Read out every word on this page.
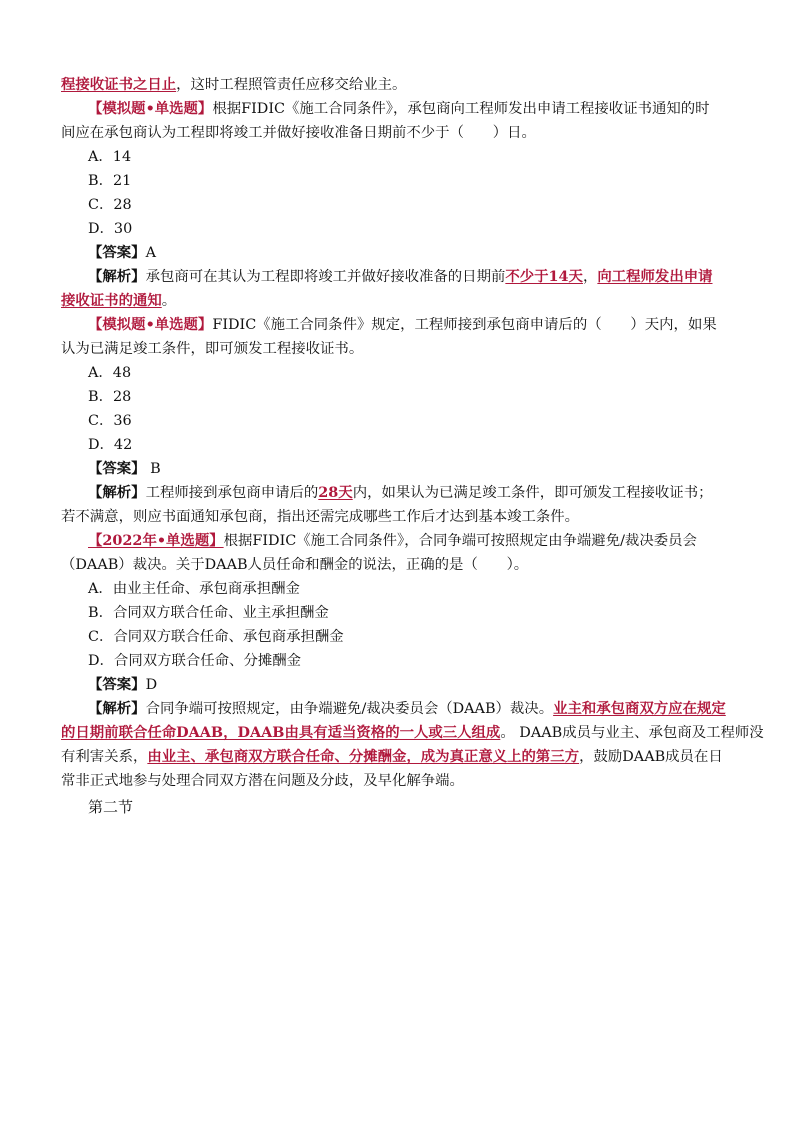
程接收证书之日止，这时工程照管责任应移交给业主。
【模拟题•单选题】根据FIDIC《施工合同条件》，承包商向工程师发出申请工程接收证书通知的时
间应在承包商认为工程即将竣工并做好接收准备日期前不少于（　　）日。
A．14
B．21
C．28
D．30
【答案】A
【解析】承包商可在其认为工程即将竣工并做好接收准备的日期前不少于14天，向工程师发出申请
接收证书的通知。
【模拟题•单选题】FIDIC《施工合同条件》规定，工程师接到承包商申请后的（　　）天内，如果
认为已满足竣工条件，即可颁发工程接收证书。
A．48
B．28
C．36
D．42
【答案】 B
【解析】工程师接到承包商申请后的28天内，如果认为已满足竣工条件，即可颁发工程接收证书；
若不满意，则应书面通知承包商，指出还需完成哪些工作后才达到基本竣工条件。
【2022年•单选题】根据FIDIC《施工合同条件》，合同争端可按照规定由争端避免/裁决委员会
（DAAB）裁决。关于DAAB人员任命和酬金的说法，正确的是（　　）。
A．由业主任命、承包商承担酬金
B．合同双方联合任命、业主承担酬金
C．合同双方联合任命、承包商承担酬金
D．合同双方联合任命、分摊酬金
【答案】D
【解析】合同争端可按照规定，由争端避免/裁决委员会（DAAB）裁决。业主和承包商双方应在规定
的日期前联合任命DAAB，DAAB由具有适当资格的一人或三人组成。 DAAB成员与业主、承包商及工程师没
有利害关系，由业主、承包商双方联合任命、分摊酬金，成为真正意义上的第三方，鼓励DAAB成员在日
常非正式地参与处理合同双方潜在问题及分歧，及早化解争端。
第二节
